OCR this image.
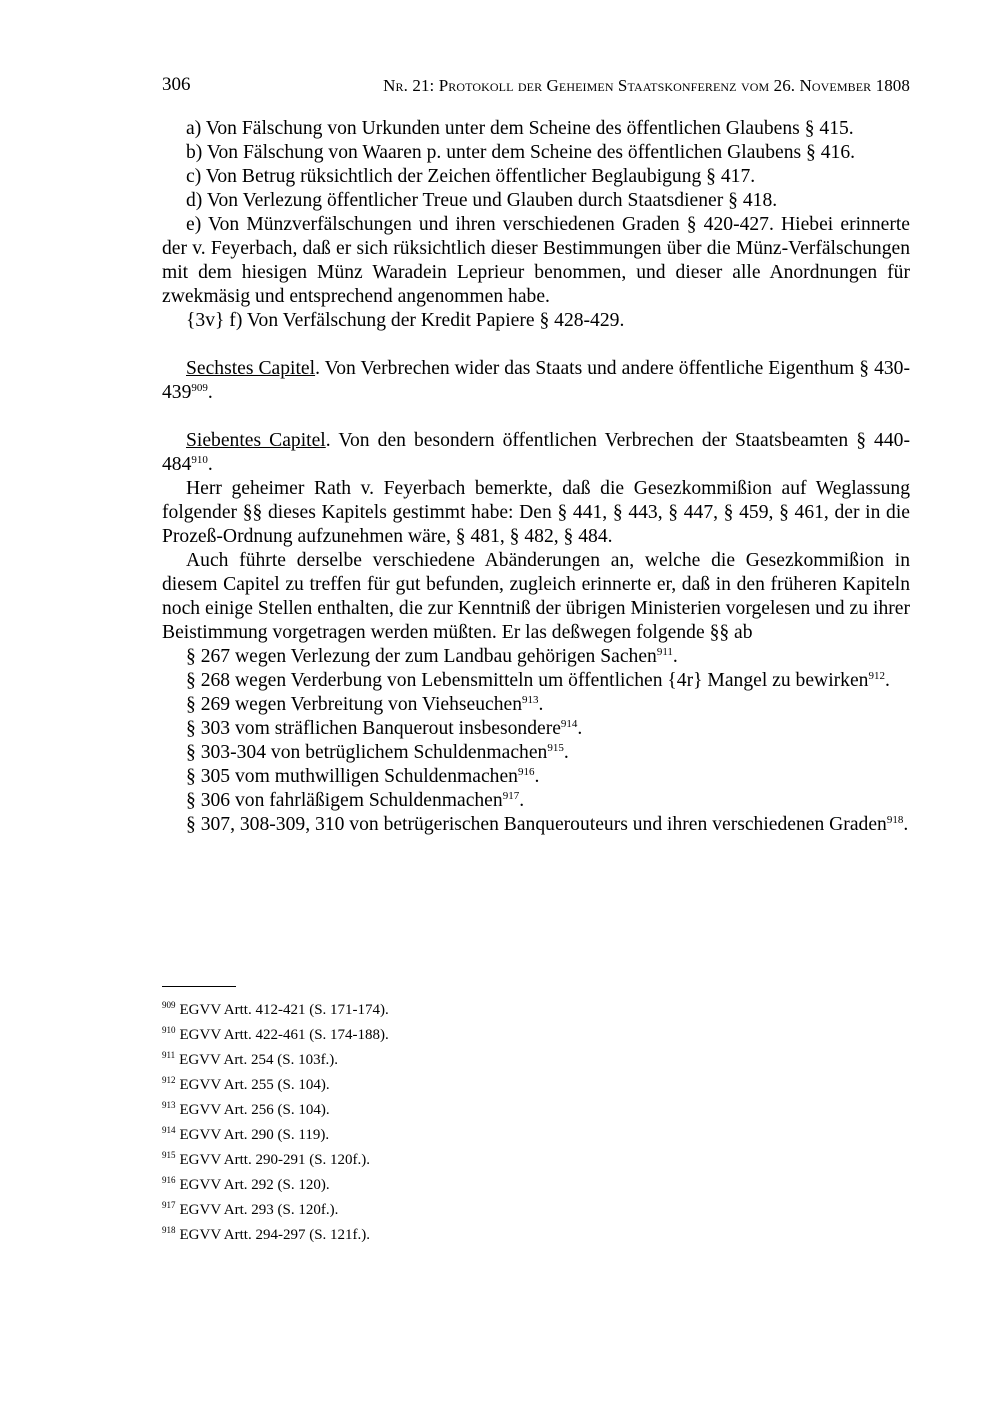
306	Nr. 21: Protokoll der Geheimen Staatskonferenz vom 26. November 1808

a) Von Fälschung von Urkunden unter dem Scheine des öffentlichen Glaubens § 415.

b) Von Fälschung von Waaren p. unter dem Scheine des öffentlichen Glaubens § 416.

c) Von Betrug rüksichtlich der Zeichen öffentlicher Beglaubigung § 417.

d) Von Verlezung öffentlicher Treue und Glauben durch Staatsdiener § 418.

e) Von Münzverfälschungen und ihren verschiedenen Graden § 420-427. Hiebei erinnerte der v. Feyerbach, daß er sich rüksichtlich dieser Bestimmungen über die Münz-Verfälschungen mit dem hiesigen Münz Waradein Leprieur benommen, und dieser alle Anordnungen für zwekmäsig und entsprechend angenommen habe.

{3v} f) Von Verfälschung der Kredit Papiere § 428-429.

Sechstes Capitel. Von Verbrechen wider das Staats und andere öffentliche Eigenthum § $430-439^{909}$.

Siebentes Capitel. Von den besondern öffentlichen Verbrechen der Staatsbeamten § $440-484^{910}$.

Herr geheimer Rath v. Feyerbach bemerkte, daß die Gesezkommißion auf Weglassung folgender §§ dieses Kapitels gestimmt habe: Den § 441, § 443, § 447, § 459, § 461, der in die Prozeß-Ordnung aufzunehmen wäre, § 481, § 482, § 484.

Auch führte derselbe verschiedene Abänderungen an, welche die Gesezkommißion in diesem Capitel zu treffen für gut befunden, zugleich erinnerte er, daß in den früheren Kapiteln noch einige Stellen enthalten, die zur Kenntniß der übrigen Ministerien vorgelesen und zu ihrer Beistimmung vorgetragen werden müßten. Er las deßwegen folgende §§ ab

§ 267 wegen Verlezung der zum Landbau gehörigen Sachen$^{911}$.

§ 268 wegen Verderbung von Lebensmitteln um öffentlichen {4r} Mangel zu bewirken$^{912}$.

§ 269 wegen Verbreitung von Viehseuchen$^{913}$.

§ 303 vom sträflichen Banquerout insbesondere$^{914}$.

§ 303-304 von betrüglichem Schuldenmachen$^{915}$.

§ 305 vom muthwilligen Schuldenmachen$^{916}$.

§ 306 von fahrläßigem Schuldenmachen$^{917}$.

§ 307, 308-309, 310 von betrügerischen Banquerouteurs und ihren verschiedenen Graden$^{918}$.

$^{909}$ EGVV Artt. 412-421 (S. 171-174).
$^{910}$ EGVV Artt. 422-461 (S. 174-188).
$^{911}$ EGVV Art. 254 (S. 103f.).
$^{912}$ EGVV Art. 255 (S. 104).
$^{913}$ EGVV Art. 256 (S. 104).
$^{914}$ EGVV Art. 290 (S. 119).
$^{915}$ EGVV Artt. 290-291 (S. 120f.).
$^{916}$ EGVV Art. 292 (S. 120).
$^{917}$ EGVV Art. 293 (S. 120f.).
$^{918}$ EGVV Artt. 294-297 (S. 121f.).
